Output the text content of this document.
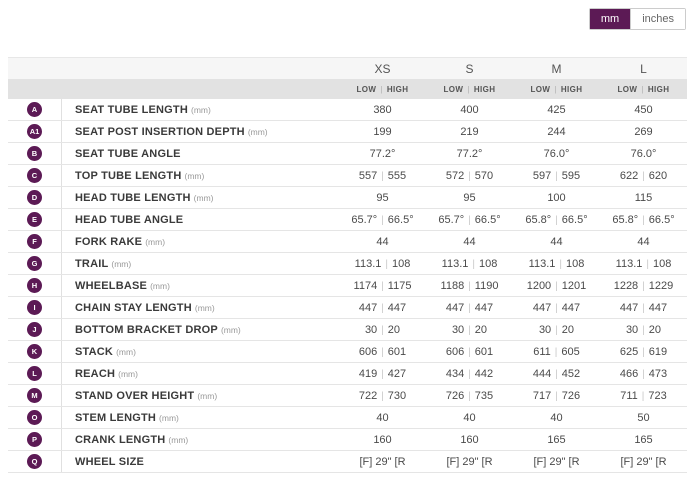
mm	inches
XS	S	M	L
LOW | HIGH	LOW | HIGH	LOW | HIGH	LOW | HIGH
A	SEAT TUBE LENGTH (mm)	380	400	425	450
A1	SEAT POST INSERTION DEPTH (mm)	199	219	244	269
B	SEAT TUBE ANGLE	77.2°	77.2°	76.0°	76.0°
C	TOP TUBE LENGTH (mm)	557 | 555	572 | 570	597 | 595	622 | 620
D	HEAD TUBE LENGTH (mm)	95	95	100	115
E	HEAD TUBE ANGLE	65.7° | 66.5°	65.7° | 66.5°	65.8° | 66.5°	65.8° | 66.5°
F	FORK RAKE (mm)	44	44	44	44
G	TRAIL (mm)	113.1 | 108	113.1 | 108	113.1 | 108	113.1 | 108
H	WHEELBASE (mm)	1174 | 1175	1188 | 1190	1200 | 1201	1228 | 1229
I	CHAIN STAY LENGTH (mm)	447 | 447	447 | 447	447 | 447	447 | 447
J	BOTTOM BRACKET DROP (mm)	30 | 20	30 | 20	30 | 20	30 | 20
K	STACK (mm)	606 | 601	606 | 601	611 | 605	625 | 619
L	REACH (mm)	419 | 427	434 | 442	444 | 452	466 | 473
M	STAND OVER HEIGHT (mm)	722 | 730	726 | 735	717 | 726	711 | 723
O	STEM LENGTH (mm)	40	40	40	50
P	CRANK LENGTH (mm)	160	160	165	165
Q	WHEEL SIZE	[F] 29" [R	[F] 29" [R	[F] 29" [R	[F] 29" [R
